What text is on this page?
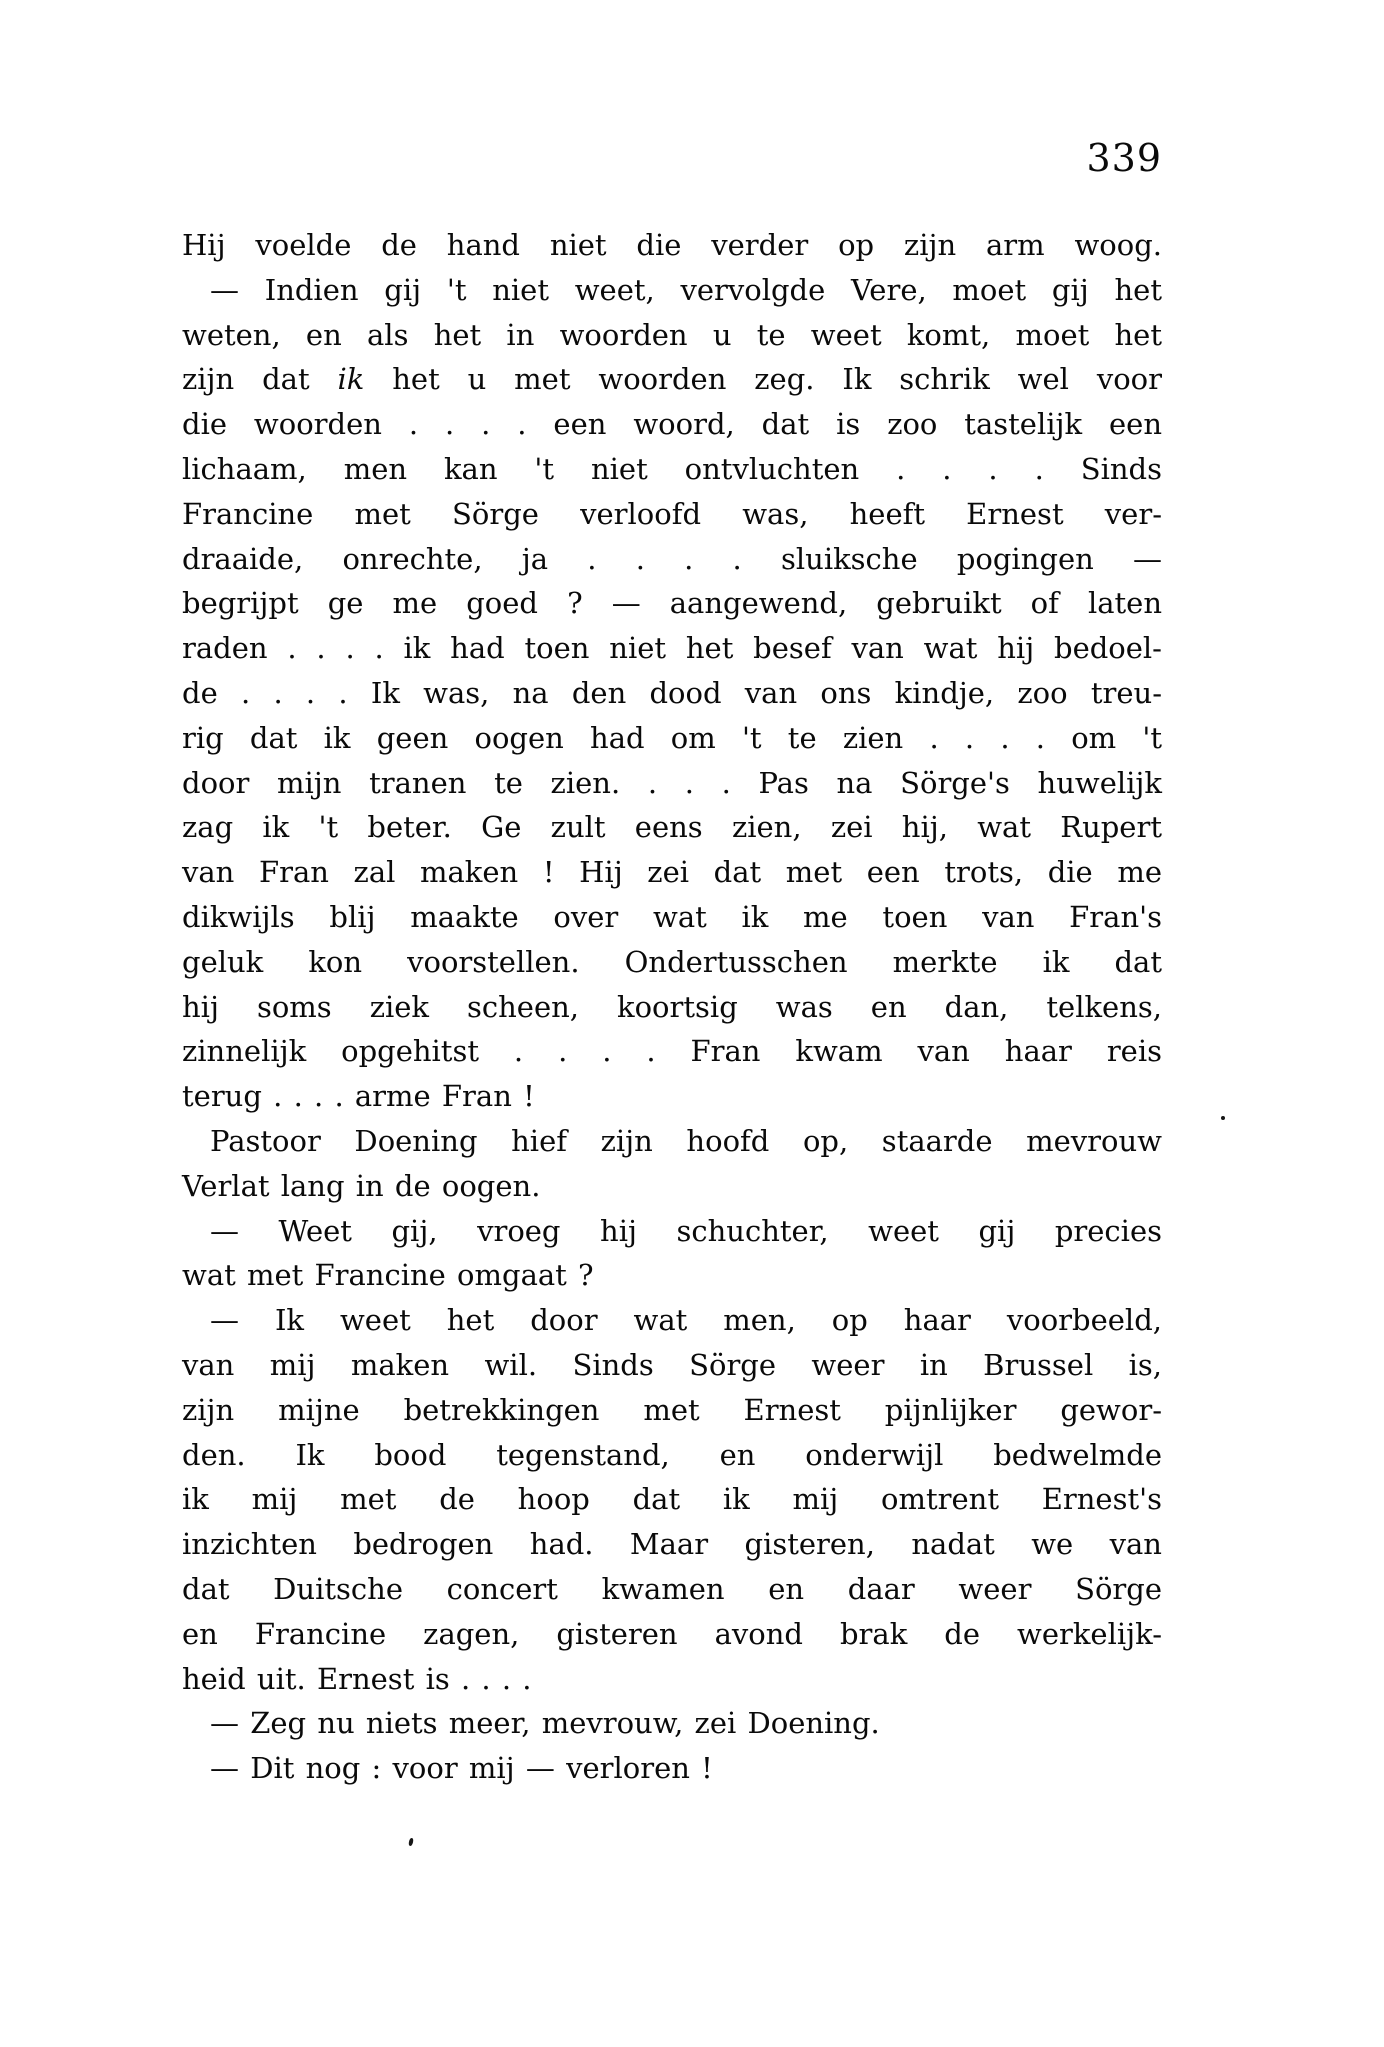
339
Hij voelde de hand niet die verder op zijn arm woog.
— Indien gij 't niet weet, vervolgde Vere, moet gij het
weten, en als het in woorden u te weet komt, moet het
zijn dat ik het u met woorden zeg. Ik schrik wel voor
die woorden . . . . een woord, dat is zoo tastelijk een
lichaam, men kan 't niet ontvluchten . . . . Sinds
Francine met Sörge verloofd was, heeft Ernest ver-
draaide, onrechte, ja . . . . sluiksche pogingen —
begrijpt ge me goed ? — aangewend, gebruikt of laten
raden . . . . ik had toen niet het besef van wat hij bedoel-
de . . . . Ik was, na den dood van ons kindje, zoo treu-
rig dat ik geen oogen had om 't te zien . . . . om 't
door mijn tranen te zien. . . . Pas na Sörge's huwelijk
zag ik 't beter. Ge zult eens zien, zei hij, wat Rupert
van Fran zal maken ! Hij zei dat met een trots, die me
dikwijls blij maakte over wat ik me toen van Fran's
geluk kon voorstellen. Ondertusschen merkte ik dat
hij soms ziek scheen, koortsig was en dan, telkens,
zinnelijk opgehitst . . . . Fran kwam van haar reis
terug . . . . arme Fran !
Pastoor Doening hief zijn hoofd op, staarde mevrouw
Verlat lang in de oogen.
— Weet gij, vroeg hij schuchter, weet gij precies
wat met Francine omgaat ?
— Ik weet het door wat men, op haar voorbeeld,
van mij maken wil. Sinds Sörge weer in Brussel is,
zijn mijne betrekkingen met Ernest pijnlijker gewor-
den. Ik bood tegenstand, en onderwijl bedwelmde
ik mij met de hoop dat ik mij omtrent Ernest's
inzichten bedrogen had. Maar gisteren, nadat we van
dat Duitsche concert kwamen en daar weer Sörge
en Francine zagen, gisteren avond brak de werkelijk-
heid uit. Ernest is . . . .
— Zeg nu niets meer, mevrouw, zei Doening.
— Dit nog : voor mij — verloren !
